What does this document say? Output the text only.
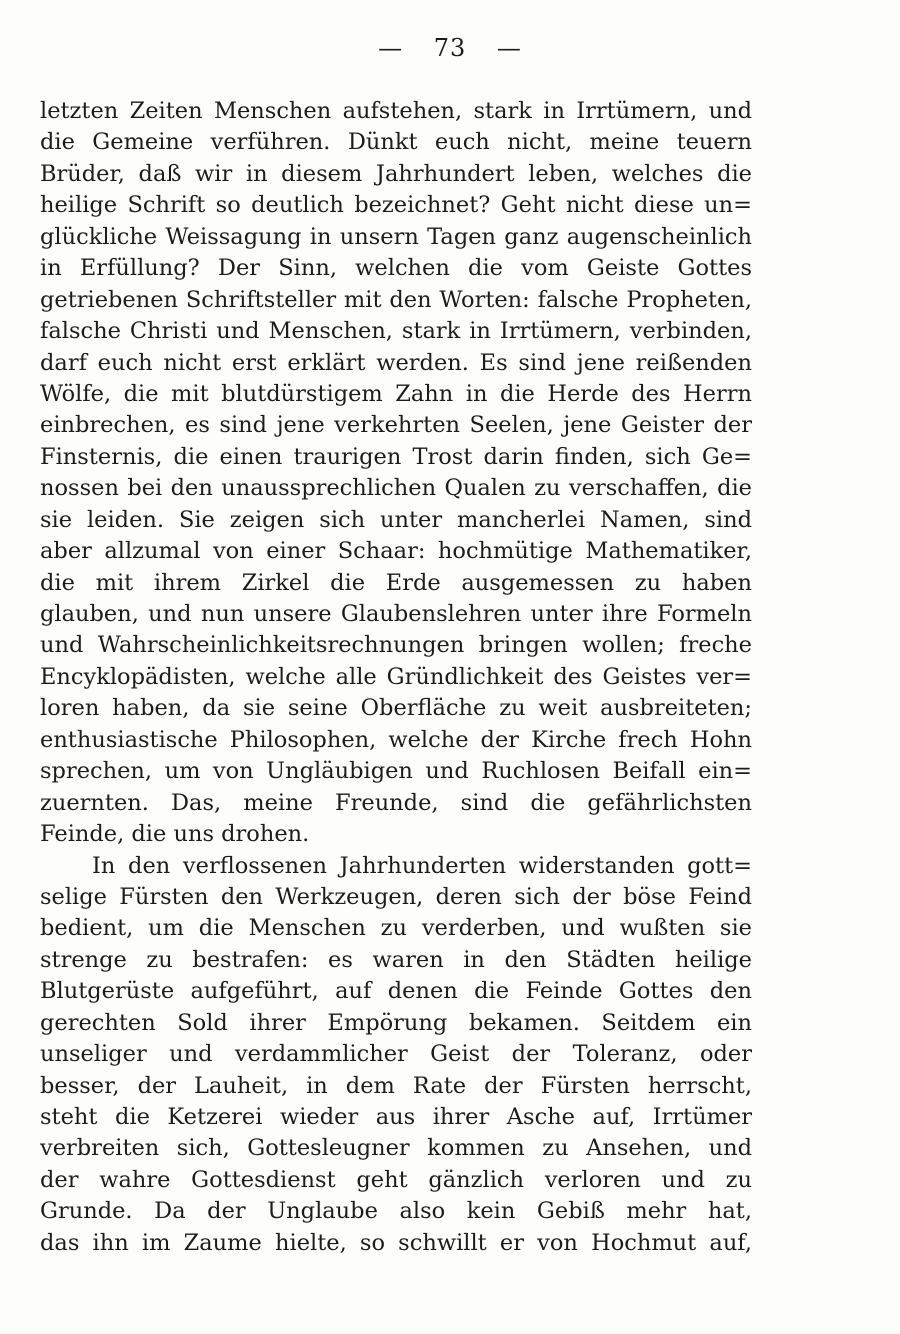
— 73 —
letzten Zeiten Menschen aufstehen, stark in Irrtümern, und
die Gemeine verführen. Dünkt euch nicht, meine teuern
Brüder, daß wir in diesem Jahrhundert leben, welches die
heilige Schrift so deutlich bezeichnet? Geht nicht diese un=
glückliche Weissagung in unsern Tagen ganz augenscheinlich
in Erfüllung? Der Sinn, welchen die vom Geiste Gottes
getriebenen Schriftsteller mit den Worten: falsche Propheten,
falsche Christi und Menschen, stark in Irrtümern, verbinden,
darf euch nicht erst erklärt werden. Es sind jene reißenden
Wölfe, die mit blutdürstigem Zahn in die Herde des Herrn
einbrechen, es sind jene verkehrten Seelen, jene Geister der
Finsternis, die einen traurigen Trost darin finden, sich Ge=
nossen bei den unaussprechlichen Qualen zu verschaffen, die
sie leiden. Sie zeigen sich unter mancherlei Namen, sind
aber allzumal von einer Schaar: hochmütige Mathematiker,
die mit ihrem Zirkel die Erde ausgemessen zu haben
glauben, und nun unsere Glaubenslehren unter ihre Formeln
und Wahrscheinlichkeitsrechnungen bringen wollen; freche
Encyklopädisten, welche alle Gründlichkeit des Geistes ver=
loren haben, da sie seine Oberfläche zu weit ausbreiteten;
enthusiastische Philosophen, welche der Kirche frech Hohn
sprechen, um von Ungläubigen und Ruchlosen Beifall ein=
zuernten. Das, meine Freunde, sind die gefährlichsten
Feinde, die uns drohen.
In den verflossenen Jahrhunderten widerstanden gott=
selige Fürsten den Werkzeugen, deren sich der böse Feind
bedient, um die Menschen zu verderben, und wußten sie
strenge zu bestrafen: es waren in den Städten heilige
Blutgerüste aufgeführt, auf denen die Feinde Gottes den
gerechten Sold ihrer Empörung bekamen. Seitdem ein
unseliger und verdammlicher Geist der Toleranz, oder
besser, der Lauheit, in dem Rate der Fürsten herrscht,
steht die Ketzerei wieder aus ihrer Asche auf, Irrtümer
verbreiten sich, Gottesleugner kommen zu Ansehen, und
der wahre Gottesdienst geht gänzlich verloren und zu
Grunde. Da der Unglaube also kein Gebiß mehr hat,
das ihn im Zaume hielte, so schwillt er von Hochmut auf,
